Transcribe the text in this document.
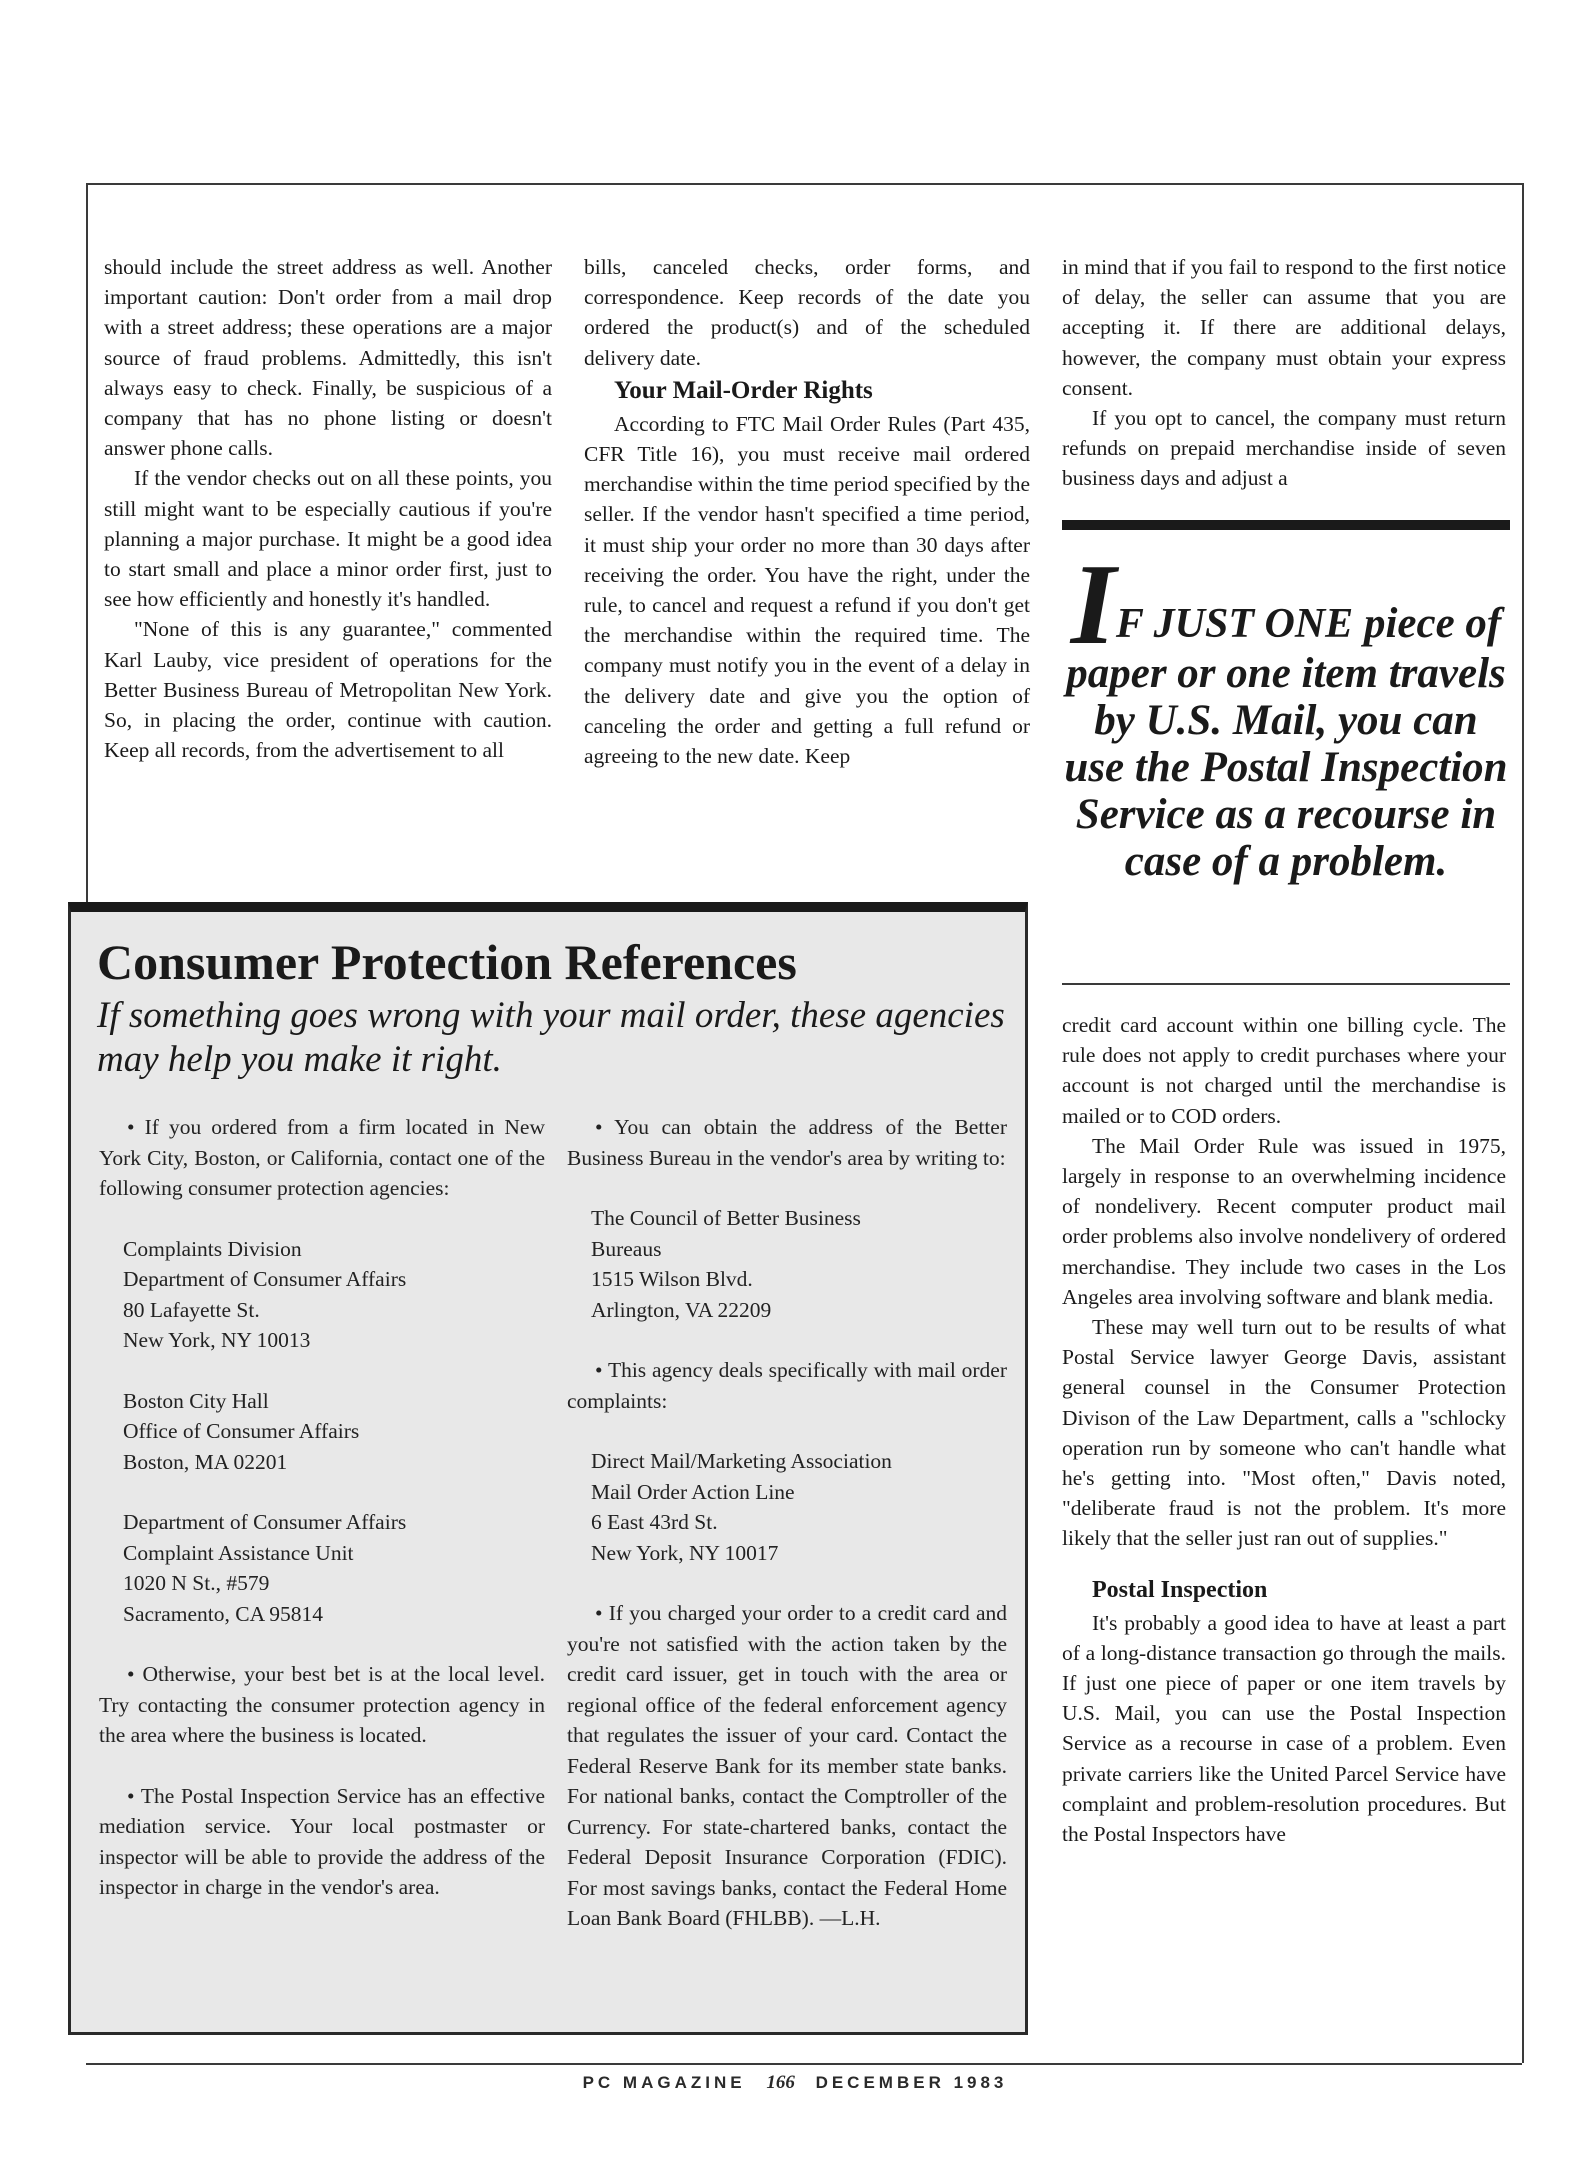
should include the street address as well. Another important caution: Don't order from a mail drop with a street address; these operations are a major source of fraud problems. Admittedly, this isn't always easy to check. Finally, be suspicious of a company that has no phone listing or doesn't answer phone calls.

If the vendor checks out on all these points, you still might want to be especially cautious if you're planning a major purchase. It might be a good idea to start small and place a minor order first, just to see how efficiently and honestly it's handled.

"None of this is any guarantee," commented Karl Lauby, vice president of operations for the Better Business Bureau of Metropolitan New York. So, in placing the order, continue with caution. Keep all records, from the advertisement to all

bills, canceled checks, order forms, and correspondence. Keep records of the date you ordered the product(s) and of the scheduled delivery date.

Your Mail-Order Rights

According to FTC Mail Order Rules (Part 435, CFR Title 16), you must receive mail ordered merchandise within the time period specified by the seller. If the vendor hasn't specified a time period, it must ship your order no more than 30 days after receiving the order. You have the right, under the rule, to cancel and request a refund if you don't get the merchandise within the required time. The company must notify you in the event of a delay in the delivery date and give you the option of canceling the order and getting a full refund or agreeing to the new date. Keep

in mind that if you fail to respond to the first notice of delay, the seller can assume that you are accepting it. If there are additional delays, however, the company must obtain your express consent.

If you opt to cancel, the company must return refunds on prepaid merchandise inside of seven business days and adjust a

IF JUST ONE piece of paper or one item travels by U.S. Mail, you can use the Postal Inspection Service as a recourse in case of a problem.

credit card account within one billing cycle. The rule does not apply to credit purchases where your account is not charged until the merchandise is mailed or to COD orders.

The Mail Order Rule was issued in 1975, largely in response to an overwhelming incidence of nondelivery. Recent computer product mail order problems also involve nondelivery of ordered merchandise. They include two cases in the Los Angeles area involving software and blank media.

These may well turn out to be results of what Postal Service lawyer George Davis, assistant general counsel in the Consumer Protection Divison of the Law Department, calls a "schlocky operation run by someone who can't handle what he's getting into. "Most often," Davis noted, "deliberate fraud is not the problem. It's more likely that the seller just ran out of supplies."

Postal Inspection

It's probably a good idea to have at least a part of a long-distance transaction go through the mails. If just one piece of paper or one item travels by U.S. Mail, you can use the Postal Inspection Service as a recourse in case of a problem. Even private carriers like the United Parcel Service have complaint and problem-resolution procedures. But the Postal Inspectors have

Consumer Protection References
If something goes wrong with your mail order, these agencies may help you make it right.

• If you ordered from a firm located in New York City, Boston, or California, contact one of the following consumer protection agencies:

Complaints Division
Department of Consumer Affairs
80 Lafayette St.
New York, NY 10013

Boston City Hall
Office of Consumer Affairs
Boston, MA 02201

Department of Consumer Affairs
Complaint Assistance Unit
1020 N St., #579
Sacramento, CA 95814

• Otherwise, your best bet is at the local level. Try contacting the consumer protection agency in the area where the business is located.

• The Postal Inspection Service has an effective mediation service. Your local postmaster or inspector will be able to provide the address of the inspector in charge in the vendor's area.

• You can obtain the address of the Better Business Bureau in the vendor's area by writing to:

The Council of Better Business
Bureaus
1515 Wilson Blvd.
Arlington, VA 22209

• This agency deals specifically with mail order complaints:

Direct Mail/Marketing Association
Mail Order Action Line
6 East 43rd St.
New York, NY 10017

• If you charged your order to a credit card and you're not satisfied with the action taken by the credit card issuer, get in touch with the area or regional office of the federal enforcement agency that regulates the issuer of your card. Contact the Federal Reserve Bank for its member state banks. For national banks, contact the Comptroller of the Currency. For state-chartered banks, contact the Federal Deposit Insurance Corporation (FDIC). For most savings banks, contact the Federal Home Loan Bank Board (FHLBB). —L.H.

PC MAGAZINE 166 DECEMBER 1983
